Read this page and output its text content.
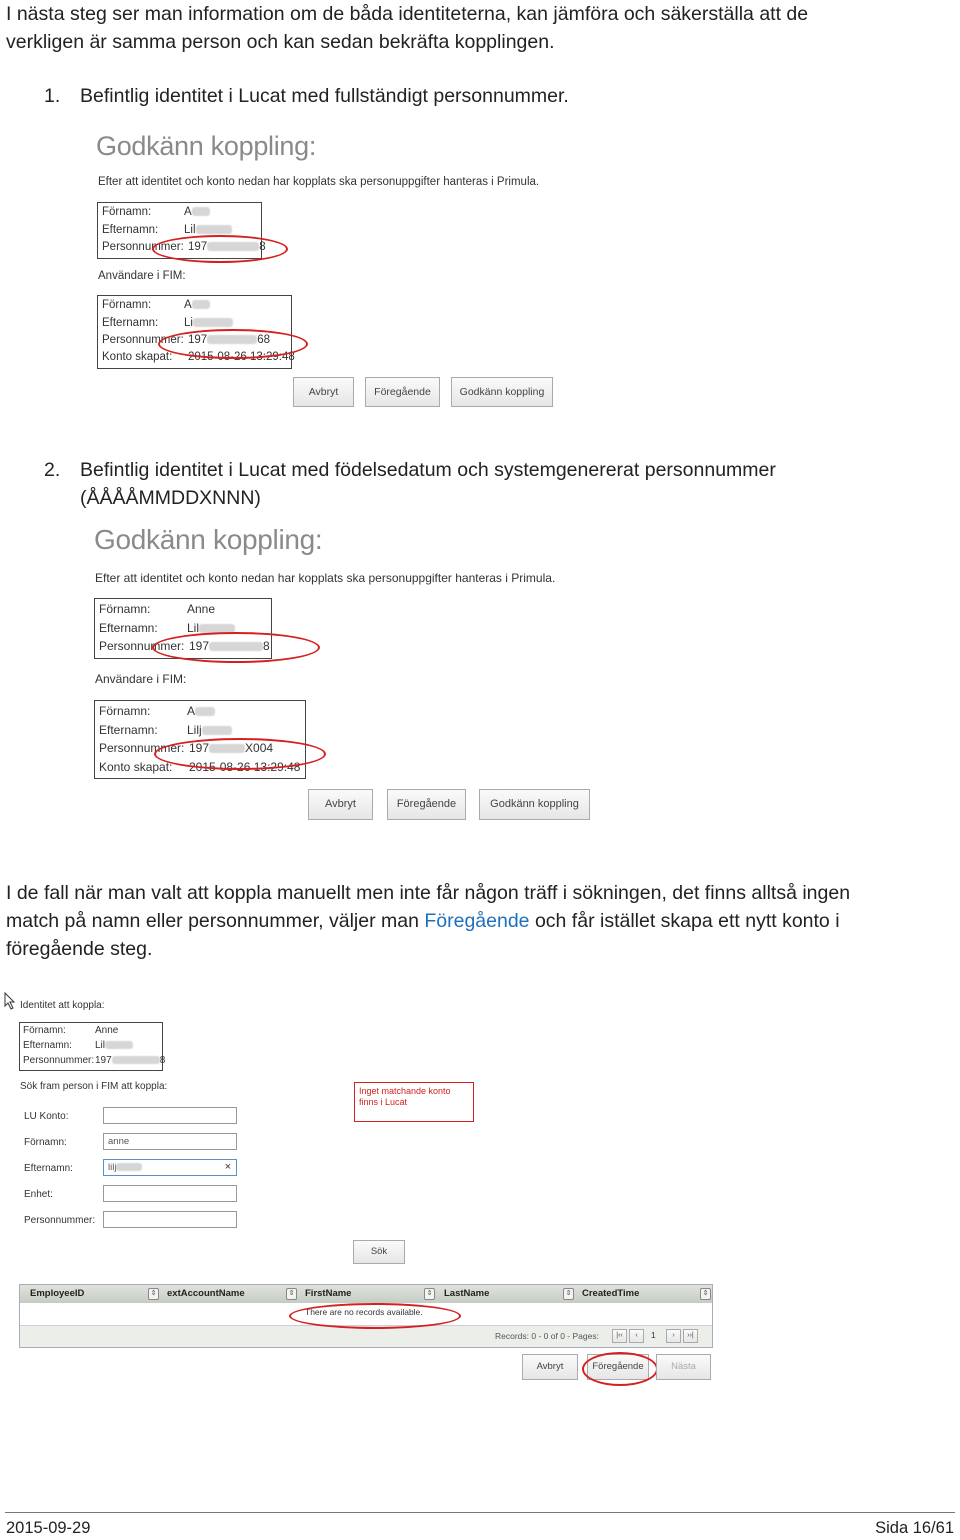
I nästa steg ser man information om de båda identiteterna, kan jämföra och säkerställa att de
verkligen är samma person och kan sedan bekräfta kopplingen.
1. Befintlig identitet i Lucat med fullständigt personnummer.
Godkänn koppling:
Efter att identitet och konto nedan har kopplats ska personuppgifter hanteras i Primula.
Förnamn:	A
Efternamn: Lil
Personnummer: 197	8
Användare i FIM:
Förnamn:	A
Efternamn: Li
Personnummer: 197	68
Konto skapat: 2015-08-26 13:29:48
Avbryt	Föregående	Godkänn koppling
2. Befintlig identitet i Lucat med födelsedatum och systemgenererat personnummer
(ÅÅÅÅMMDDXNNN)
Godkänn koppling:
Efter att identitet och konto nedan har kopplats ska personuppgifter hanteras i Primula.
Förnamn:	Anne
Efternamn: Lil
Personnummer: 197	8
Användare i FIM:
Förnamn:	A
Efternamn: Lilj
Personnummer: 197	X004
Konto skapat: 2015-08-26 13:29:48
Avbryt	Föregående	Godkänn koppling
I de fall när man valt att koppla manuellt men inte får någon träff i sökningen, det finns alltså ingen
match på namn eller personnummer, väljer man Föregående och får istället skapa ett nytt konto i
föregående steg.
Identitet att koppla:
Förnamn:	Anne
Efternamn: Lil
Personnummer: 197	8
Sök fram person i FIM att koppla:
LU Konto:
Förnamn:	anne
Efternamn:	lilj	×
Enhet:
Personnummer:
Inget matchande konto finns i Lucat
Sök
EmployeeID	⇕ extAccountName	⇕ FirstName	⇕ LastName	⇕ CreatedTime	⇕
There are no records available.
Records: 0 - 0 of 0 - Pages:	|‹‹	‹	1	›	››|
Avbryt	Föregående	Nästa
2015-09-29	Sida 16/61
